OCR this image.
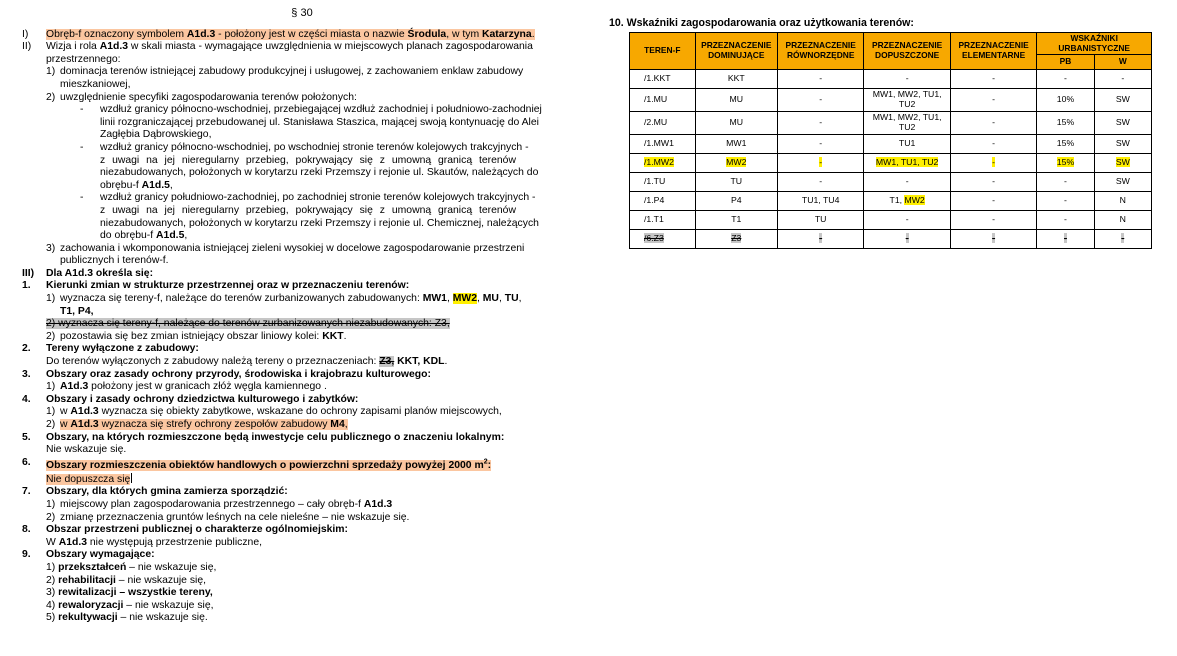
§ 30
I) Obręb-f oznaczony symbolem A1d.3 - położony jest w części miasta o nazwie Środula, w tym Katarzyna.
II) Wizja i rola A1d.3 w skali miasta - wymagające uwzględnienia w miejscowych planach zagospodarowania
przestrzennego:
1) dominacja terenów istniejącej zabudowy produkcyjnej i usługowej, z zachowaniem enklaw zabudowy
mieszkaniowej,
2) uwzględnienie specyfiki zagospodarowania terenów położonych:
- wzdłuż granicy północno-wschodniej, przebiegającej wzdłuż zachodniej i południowo-zachodniej
linii rozgraniczającej przebudowanej ul. Stanisława Staszica, mającej swoją kontynuację do Alei
Zagłębia Dąbrowskiego,
- wzdłuż granicy północno-wschodniej, po wschodniej stronie terenów kolejowych trakcyjnych -
z uwagi na jej nieregularny przebieg, pokrywający się z umowną granicą terenów
niezabudowanych, położonych w korytarzu rzeki Przemszy i rejonie ul. Skautów, należących do
obrębu-f A1d.5,
- wzdłuż granicy południowo-zachodniej, po zachodniej stronie terenów kolejowych trakcyjnych -
z uwagi na jej nieregularny przebieg, pokrywający się z umowną granicą terenów
niezabudowanych, położonych w korytarzu rzeki Przemszy i rejonie ul. Chemicznej, należących
do obrębu-f A1d.5,
3) zachowania i wkomponowania istniejącej zieleni wysokiej w docelowe zagospodarowanie przestrzeni
publicznych i terenów-f.
III) Dla A1d.3 określa się:
1. Kierunki zmian w strukturze przestrzennej oraz w przeznaczeniu terenów:
1) wyznacza się tereny-f, należące do terenów zurbanizowanych zabudowanych: MW1, MW2, MU, TU,
T1, P4,
2) wyznacza się tereny-f, należące do terenów zurbanizowanych niezabudowanych: Z3,
2) pozostawia się bez zmian istniejący obszar liniowy kolei: KKT.
2. Tereny wyłączone z zabudowy:
Do terenów wyłączonych z zabudowy należą tereny o przeznaczeniach: Z3, KKT, KDL.
3. Obszary oraz zasady ochrony przyrody, środowiska i krajobrazu kulturowego:
1) A1d.3 położony jest w granicach złóż węgla kamiennego .
4. Obszary i zasady ochrony dziedzictwa kulturowego i zabytków:
1) w A1d.3 wyznacza się obiekty zabytkowe, wskazane do ochrony zapisami planów miejscowych,
2) w A1d.3 wyznacza się strefy ochrony zespołów zabudowy M4,
5. Obszary, na których rozmieszczone będą inwestycje celu publicznego o znaczeniu lokalnym:
Nie wskazuje się.
6. Obszary rozmieszczenia obiektów handlowych o powierzchni sprzedaży powyżej 2000 $m^2$:
Nie dopuszcza się
7. Obszary, dla których gmina zamierza sporządzić:
1) miejscowy plan zagospodarowania przestrzennego – cały obręb-f A1d.3
2) zmianę przeznaczenia gruntów leśnych na cele nieleśne – nie wskazuje się.
8. Obszar przestrzeni publicznej o charakterze ogólnomiejskim:
W A1d.3 nie występują przestrzenie publiczne,
9. Obszary wymagające:
1) przekształceń – nie wskazuje się,
2) rehabilitacji – nie wskazuje się,
3) rewitalizacji – wszystkie tereny,
4) rewaloryzacji – nie wskazuje się,
5) rekultywacji – nie wskazuje się.
10. Wskaźniki zagospodarowania oraz użytkowania terenów:
TEREN-F	PRZEZNACZENIE DOMINUJĄCE	PRZEZNACZENIE RÓWNORZĘDNE	PRZEZNACZENIE DOPUSZCZONE	PRZEZNACZENIE ELEMENTARNE	WSKAŹNIKI URBANISTYCZNE	
					PB	W
/1.KKT	KKT	-	-	-	-	-
/1.MU	MU	-	MW1, MW2, TU1, TU2	-	10%	SW
/2.MU	MU	-	MW1, MW2, TU1, TU2	-	15%	SW
/1.MW1	MW1	-	TU1	-	15%	SW
/1.MW2	MW2	-	MW1, TU1, TU2	-	15%	SW
/1.TU	TU	-	-	-	-	SW
/1.P4	P4	TU1, TU4	T1, MW2	-	-	N
/1.T1	T1	TU	-	-	-	N
/6.Z3	Z3	-	-	-	-	-
